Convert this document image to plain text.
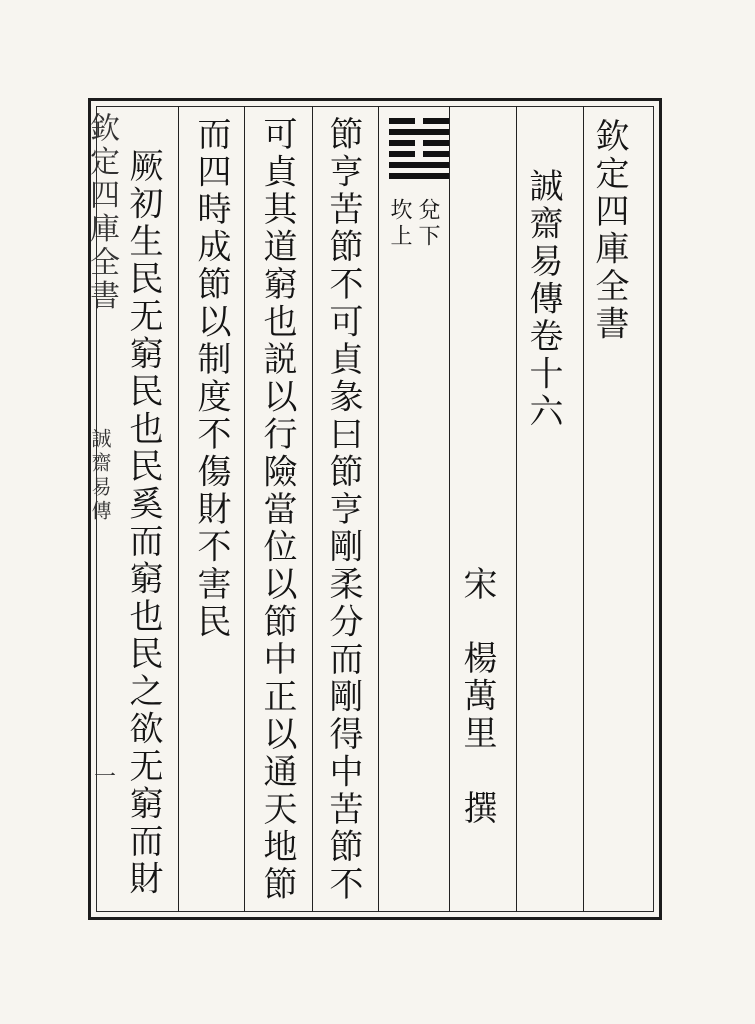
欽定四庫全書
誠齋易傳
一
欽定四庫全書
誠齋易傳卷十六
宋
楊萬里
撰
兌下
坎上
節亨苦節不可貞彖曰節亨剛柔分而剛得中苦節不
可貞其道窮也説以行險當位以節中正以通天地節
而四時成節以制度不傷財不害民
厥初生民无窮民也民奚而窮也民之欲无窮而財
